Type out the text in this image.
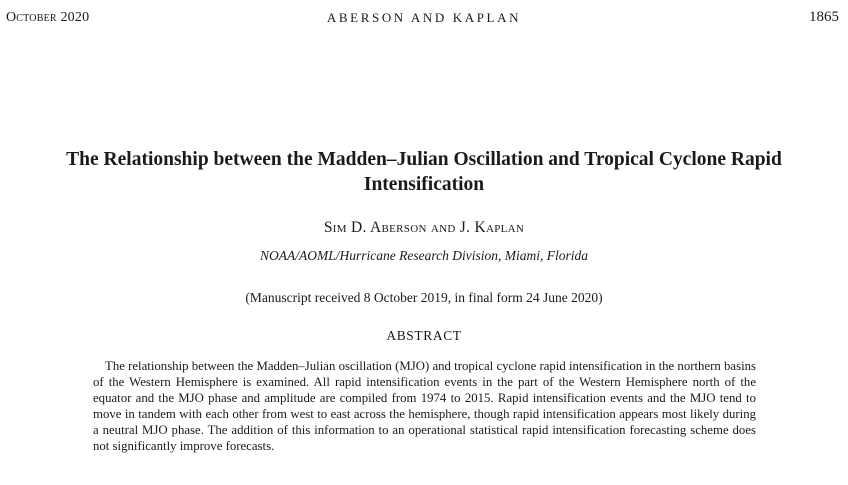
October 2020	ABERSON AND KAPLAN	1865
The Relationship between the Madden–Julian Oscillation and Tropical Cyclone Rapid Intensification
Sim D. Aberson and J. Kaplan
NOAA/AOML/Hurricane Research Division, Miami, Florida
(Manuscript received 8 October 2019, in final form 24 June 2020)
ABSTRACT

The relationship between the Madden–Julian oscillation (MJO) and tropical cyclone rapid intensification in the northern basins of the Western Hemisphere is examined. All rapid intensification events in the part of the Western Hemisphere north of the equator and the MJO phase and amplitude are compiled from 1974 to 2015. Rapid intensification events and the MJO tend to move in tandem with each other from west to east across the hemisphere, though rapid intensification appears most likely during a neutral MJO phase. The addition of this information to an operational statistical rapid intensification forecasting scheme does not significantly improve forecasts.
